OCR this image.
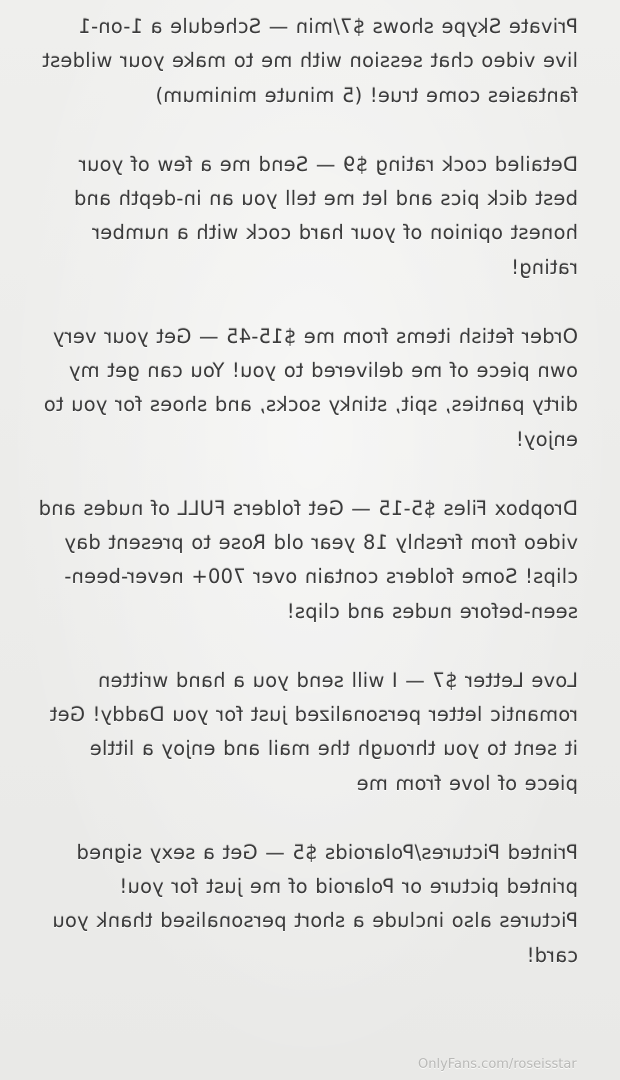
Private Skype shows $7/min — Schedule a 1-on-1 live video chat session with me to make your wildest fantasies come true! (5 minute minimum)

Detailed cock rating $9 — Send me a few of your best dick pics and let me tell you an in-depth and honest opinion of your hard cock with a number rating!

Order fetish items from me $15-45 — Get your very own piece of me delivered to you! You can get my dirty panties, spit, stinky socks, and shoes for you to enjoy!

Dropbox Files $5-15 — Get folders FULL of nudes and video from freshly 18 year old Rose to present day clips! Some folders contain over 700+ never-been-seen-before nudes and clips!

Love Letter $7 — I will send you a hand written romantic letter personalized just for you Daddy! Get it sent to you through the mail and enjoy a little piece of love from me

Printed Pictures/Polaroids $5 — Get a sexy signed printed picture or Polaroid of me just for you! Pictures also include a short personalised thank you card!

OnlyFans.com/roseisstar
